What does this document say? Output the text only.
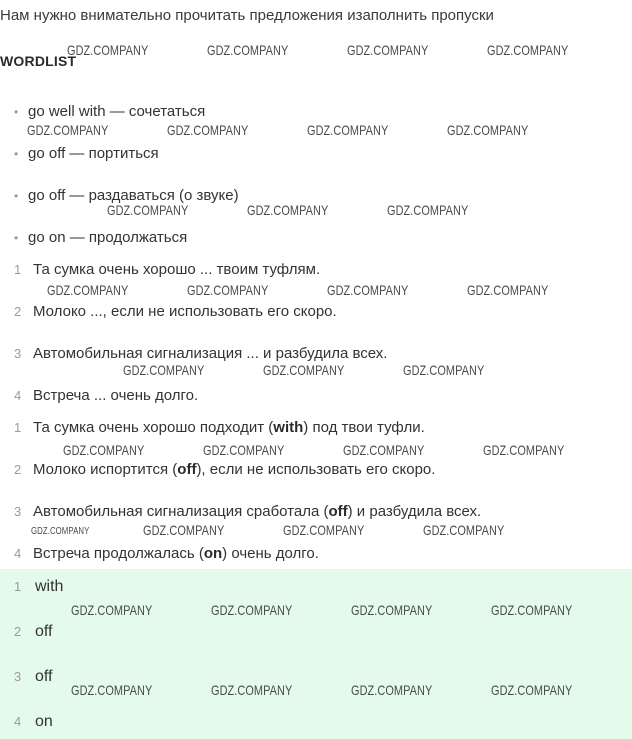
Нам нужно внимательно прочитать предложения изаполнить пропуски
WORDLIST
GDZ.COMPANY	GDZ.COMPANY	GDZ.COMPANY	GDZ.COMPANY
GDZ.COMPANY	GDZ.COMPANY	GDZ.COMPANY	GDZ.COMPANY
GDZ.COMPANY	GDZ.COMPANY	GDZ.COMPANY
GDZ.COMPANY	GDZ.COMPANY	GDZ.COMPANY	GDZ.COMPANY
GDZ.COMPANY	GDZ.COMPANY	GDZ.COMPANY
GDZ.COMPANY	GDZ.COMPANY	GDZ.COMPANY	GDZ.COMPANY
GDZ.COMPANY	GDZ.COMPANY	GDZ.COMPANY	GDZ.COMPANY
• go well with — сочетаться
• go off — портиться
• go off — раздаваться (о звуке)
• go on — продолжаться
1 Та сумка очень хорошо ... твоим туфлям.
2 Молоко ..., если не использовать его скоро.
3 Автомобильная сигнализация ... и разбудила всех.
4 Встреча ... очень долго.
1 Та сумка очень хорошо подходит (with) под твои туфли.
2 Молоко испортится (off), если не использовать его скоро.
3 Автомобильная сигнализация сработала (off) и разбудила всех.
4 Встреча продолжалась (on) очень долго.
GDZ.COMPANY	GDZ.COMPANY	GDZ.COMPANY	GDZ.COMPANY
GDZ.COMPANY	GDZ.COMPANY	GDZ.COMPANY	GDZ.COMPANY
1 with
2 off
3 off
4 on
